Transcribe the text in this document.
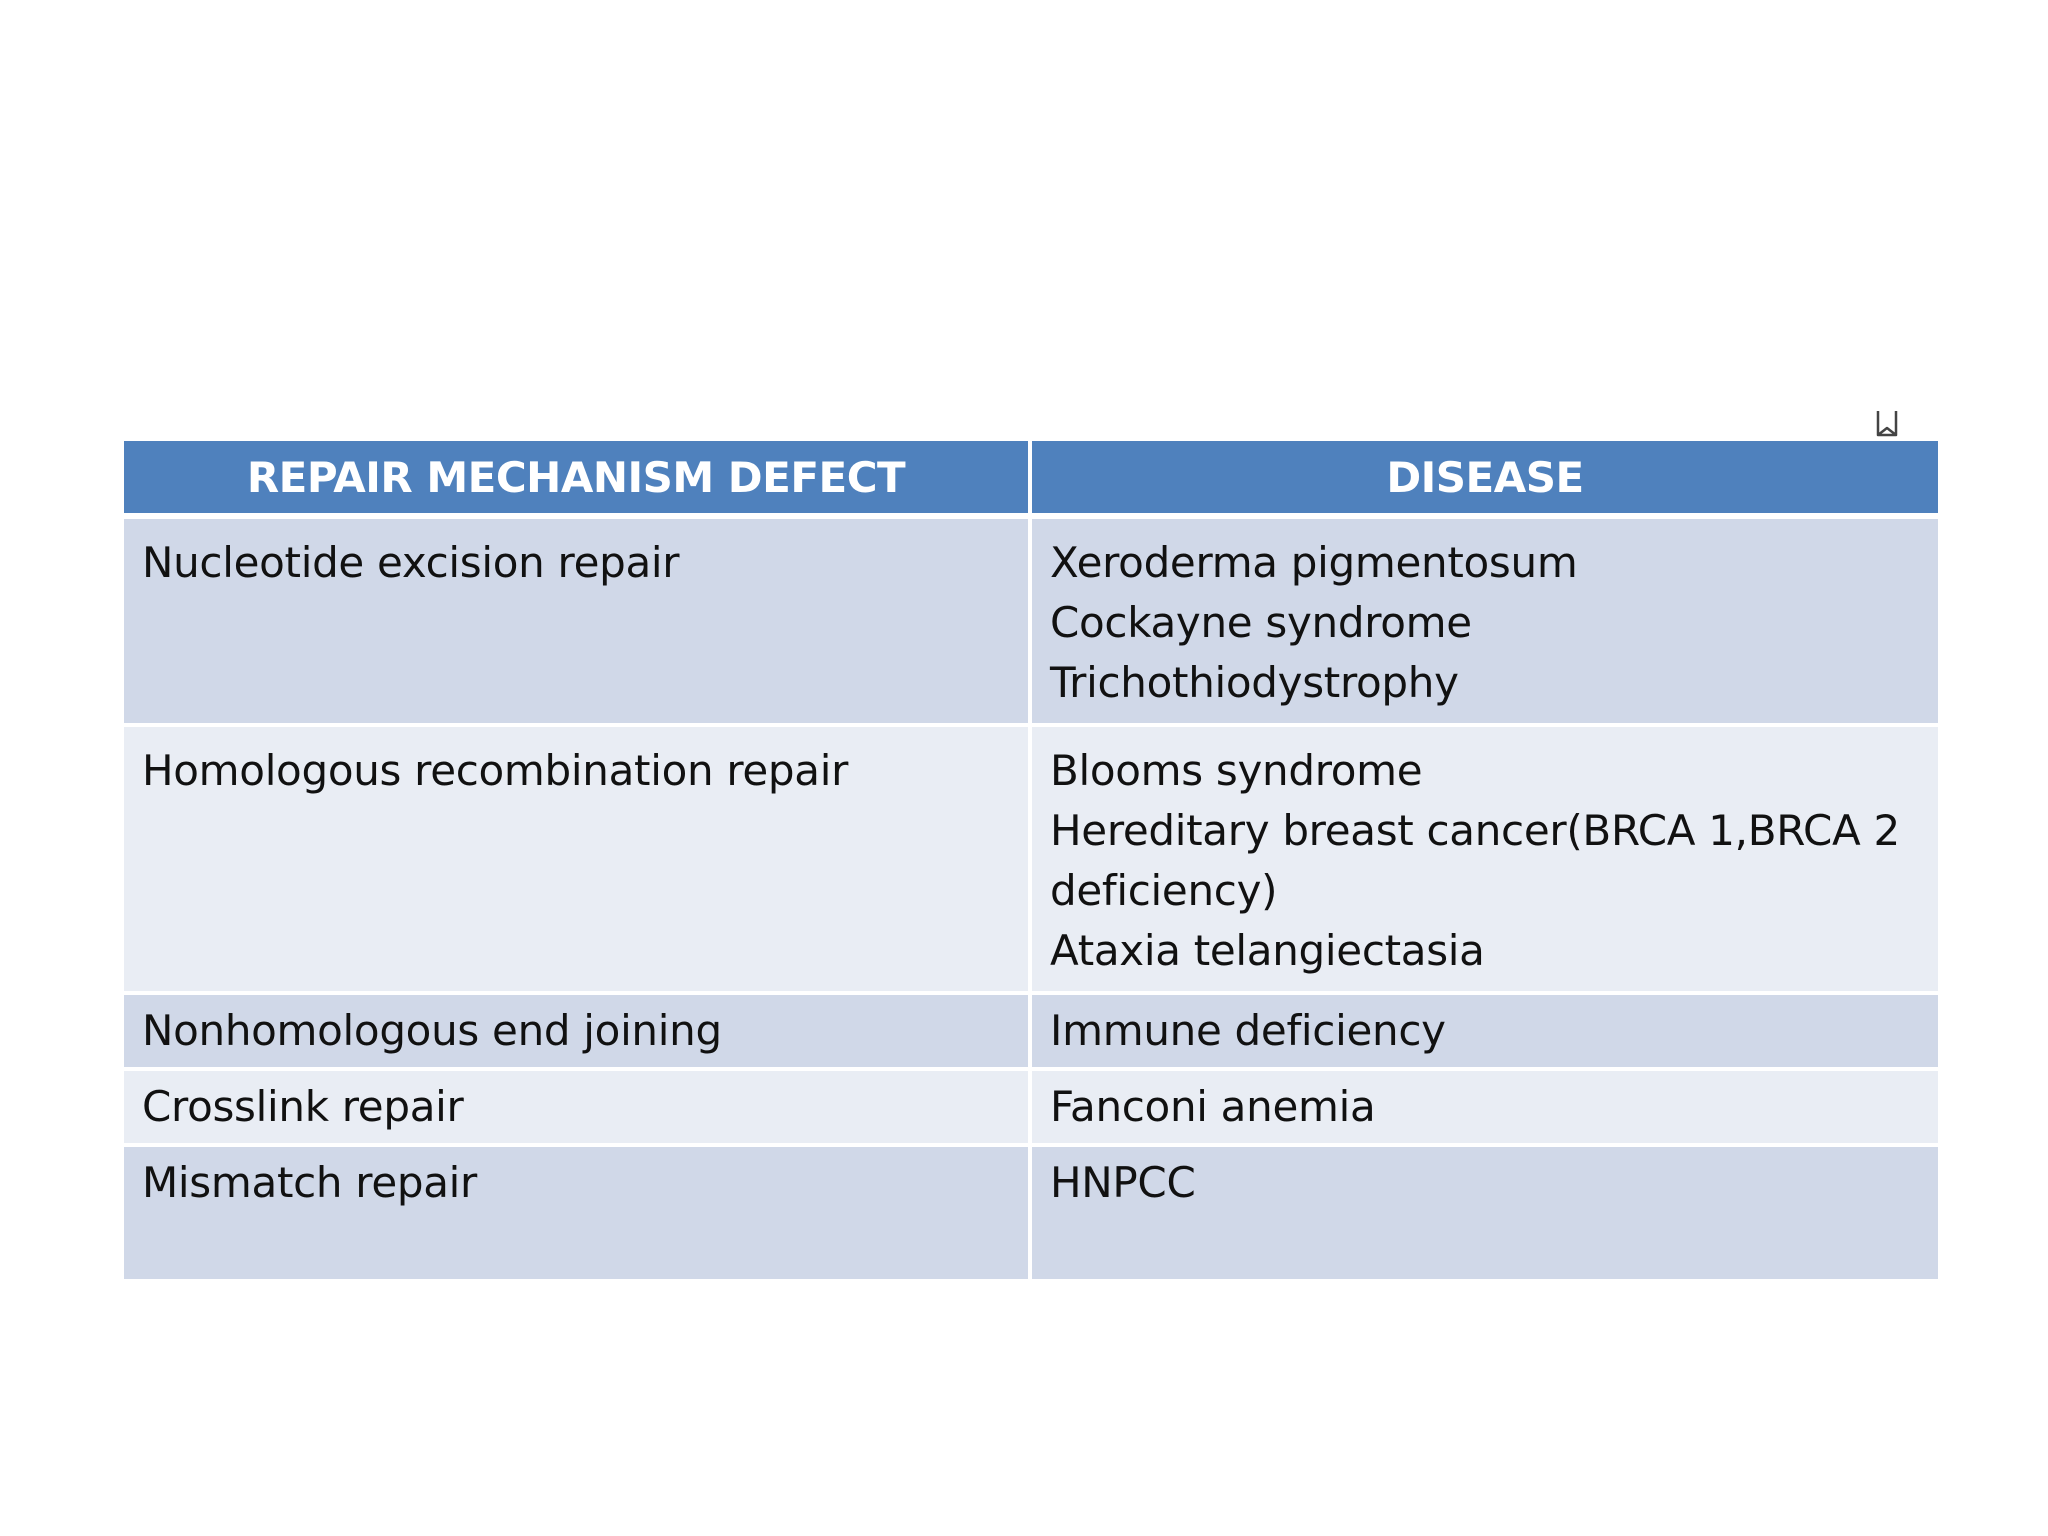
REPAIR MECHANISM DEFECT	DISEASE
Nucleotide excision repair	Xeroderma pigmentosum
Cockayne syndrome
Trichothiodystrophy

Homologous recombination repair	Blooms syndrome
Hereditary breast cancer(BRCA 1,BRCA 2 deficiency)
Ataxia telangiectasia

Nonhomologous end joining	Immune deficiency

Crosslink repair	Fanconi anemia

Mismatch repair	HNPCC
